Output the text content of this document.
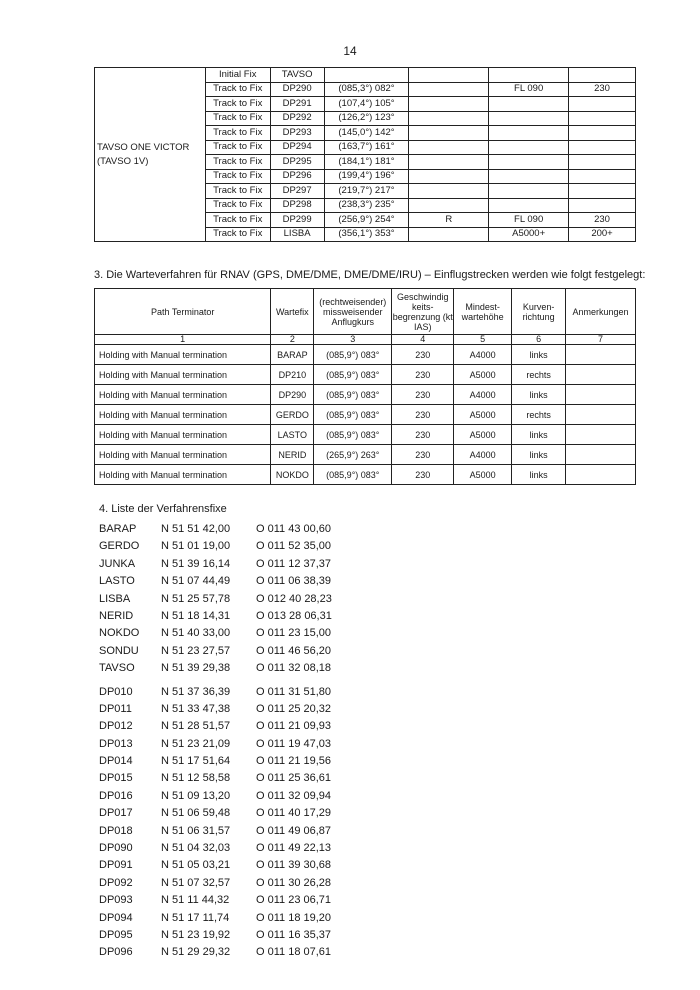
14
TAVSO ONE VICTOR
(TAVSO 1V)	Initial Fix	TAVSO				
	Track to Fix	DP290	(085,3°) 082°		FL 090	230
	Track to Fix	DP291	(107,4°) 105°			
	Track to Fix	DP292	(126,2°) 123°			
	Track to Fix	DP293	(145,0°) 142°			
	Track to Fix	DP294	(163,7°) 161°			
	Track to Fix	DP295	(184,1°) 181°			
	Track to Fix	DP296	(199,4°) 196°			
	Track to Fix	DP297	(219,7°) 217°			
	Track to Fix	DP298	(238,3°) 235°			
	Track to Fix	DP299	(256,9°) 254°	R	FL 090	230
	Track to Fix	LISBA	(356,1°) 353°		A5000+	200+
3. Die Warteverfahren für RNAV (GPS, DME/DME, DME/DME/IRU) – Einflugstrecken werden wie folgt festgelegt:
Path Terminator	Wartefix	(rechtweisender) missweisender Anflugkurs	Geschwindig keits- begrenzung (kt IAS)	Mindest- wartehöhe	Kurven- richtung	Anmerkungen
1	2	3	4	5	6	7
Holding with Manual termination	BARAP	(085,9°) 083°	230	A4000	links	
Holding with Manual termination	DP210	(085,9°) 083°	230	A5000	rechts	
Holding with Manual termination	DP290	(085,9°) 083°	230	A4000	links	
Holding with Manual termination	GERDO	(085,9°) 083°	230	A5000	rechts	
Holding with Manual termination	LASTO	(085,9°) 083°	230	A5000	links	
Holding with Manual termination	NERID	(265,9°) 263°	230	A4000	links	
Holding with Manual termination	NOKDO	(085,9°) 083°	230	A5000	links	
4. Liste der Verfahrensfixe
BARAP N 51 51 42,00 O 011 43 00,60
GERDO N 51 01 19,00 O 011 52 35,00
JUNKA N 51 39 16,14 O 011 12 37,37
LASTO N 51 07 44,49 O 011 06 38,39
LISBA	N 51 25 57,78 O 012 40 28,23
NERID	N 51 18 14,31 O 013 28 06,31
NOKDO N 51 40 33,00 O 011 23 15,00
SONDU N 51 23 27,57 O 011 46 56,20
TAVSO N 51 39 29,38 O 011 32 08,18
DP010	N 51 37 36,39 O 011 31 51,80
DP011	N 51 33 47,38 O 011 25 20,32
DP012	N 51 28 51,57 O 011 21 09,93
DP013	N 51 23 21,09 O 011 19 47,03
DP014	N 51 17 51,64 O 011 21 19,56
DP015	N 51 12 58,58 O 011 25 36,61
DP016	N 51 09 13,20 O 011 32 09,94
DP017	N 51 06 59,48 O 011 40 17,29
DP018	N 51 06 31,57 O 011 49 06,87
DP090	N 51 04 32,03 O 011 49 22,13
DP091	N 51 05 03,21 O 011 39 30,68
DP092	N 51 07 32,57 O 011 30 26,28
DP093	N 51 11 44,32 O 011 23 06,71
DP094	N 51 17 11,74 O 011 18 19,20
DP095	N 51 23 19,92 O 011 16 35,37
DP096	N 51 29 29,32 O 011 18 07,61
